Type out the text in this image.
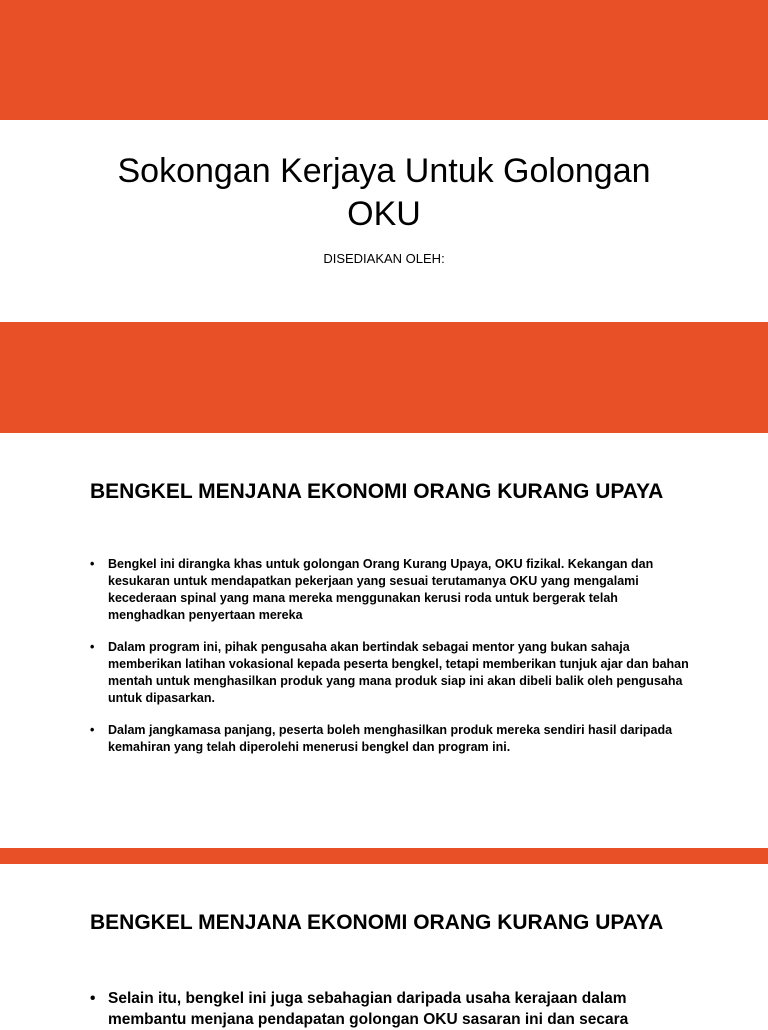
Sokongan Kerjaya Untuk Golongan OKU
DISEDIAKAN OLEH:
BENGKEL MENJANA EKONOMI ORANG KURANG UPAYA
• Bengkel ini dirangka khas untuk golongan Orang Kurang Upaya, OKU fizikal. Kekangan dan kesukaran untuk mendapatkan pekerjaan yang sesuai terutamanya OKU yang mengalami kecederaan spinal yang mana mereka menggunakan kerusi roda untuk bergerak telah menghadkan penyertaan mereka
• Dalam program ini, pihak pengusaha akan bertindak sebagai mentor yang bukan sahaja memberikan latihan vokasional kepada peserta bengkel, tetapi memberikan tunjuk ajar dan bahan mentah untuk menghasilkan produk yang mana produk siap ini akan dibeli balik oleh pengusaha untuk dipasarkan.
• Dalam jangkamasa panjang, peserta boleh menghasilkan produk mereka sendiri hasil daripada kemahiran yang telah diperolehi menerusi bengkel dan program ini.
BENGKEL MENJANA EKONOMI ORANG KURANG UPAYA
• Selain itu, bengkel ini juga sebahagian daripada usaha kerajaan dalam membantu menjana pendapatan golongan OKU sasaran ini dan secara
